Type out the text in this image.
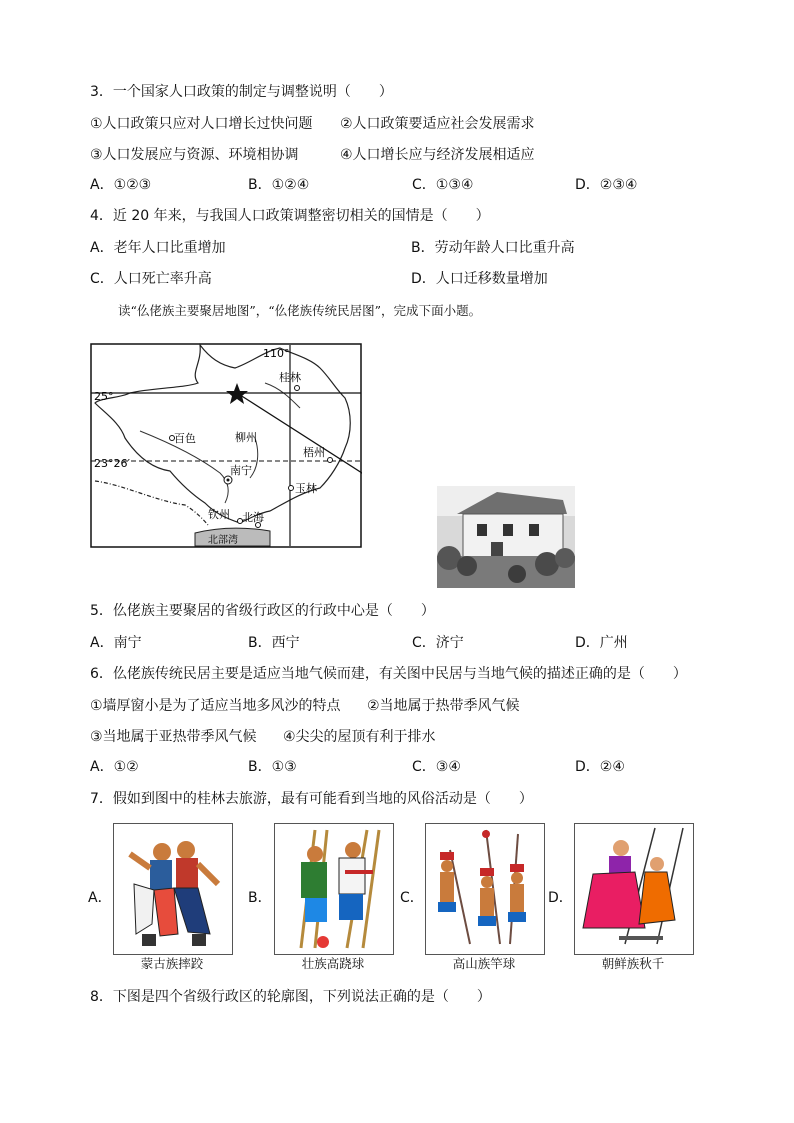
3．一个国家人口政策的制定与调整说明（　　）
①人口政策只应对人口增长过快问题 ②人口政策要适应社会发展需求
③人口发展应与资源、环境相协调	④人口增长应与经济发展相适应
A．①②③	B．①②④	C．①③④	D．②③④
4．近 20 年来，与我国人口政策调整密切相关的国情是（　　）
A．老年人口比重增加	B．劳动年龄人口比重升高
C．人口死亡率升高	D．人口迁移数量增加
读“仫佬族主要聚居地图”，“仫佬族传统民居图”，完成下面小题。
110°
25°
23°26′
桂林
百色	柳州
梧州
南宁
玉林
钦州 北海
北部湾
5．仫佬族主要聚居的省级行政区的行政中心是（　　）
A．南宁	B．西宁	C．济宁	D．广州
6．仫佬族传统民居主要是适应当地气候而建，有关图中民居与当地气候的描述正确的是（　　）
①墙厚窗小是为了适应当地多风沙的特点 ②当地属于热带季风气候
③当地属于亚热带季风气候 ④尖尖的屋顶有利于排水
A．①②	B．①③	C．③④	D．②④
7．假如到图中的桂林去旅游，最有可能看到当地的风俗活动是（　　）
A．
蒙古族摔跤
B．
壮族高跷球
C．
高山族竿球
D．
朝鲜族秋千
8．下图是四个省级行政区的轮廓图，下列说法正确的是（　　）
